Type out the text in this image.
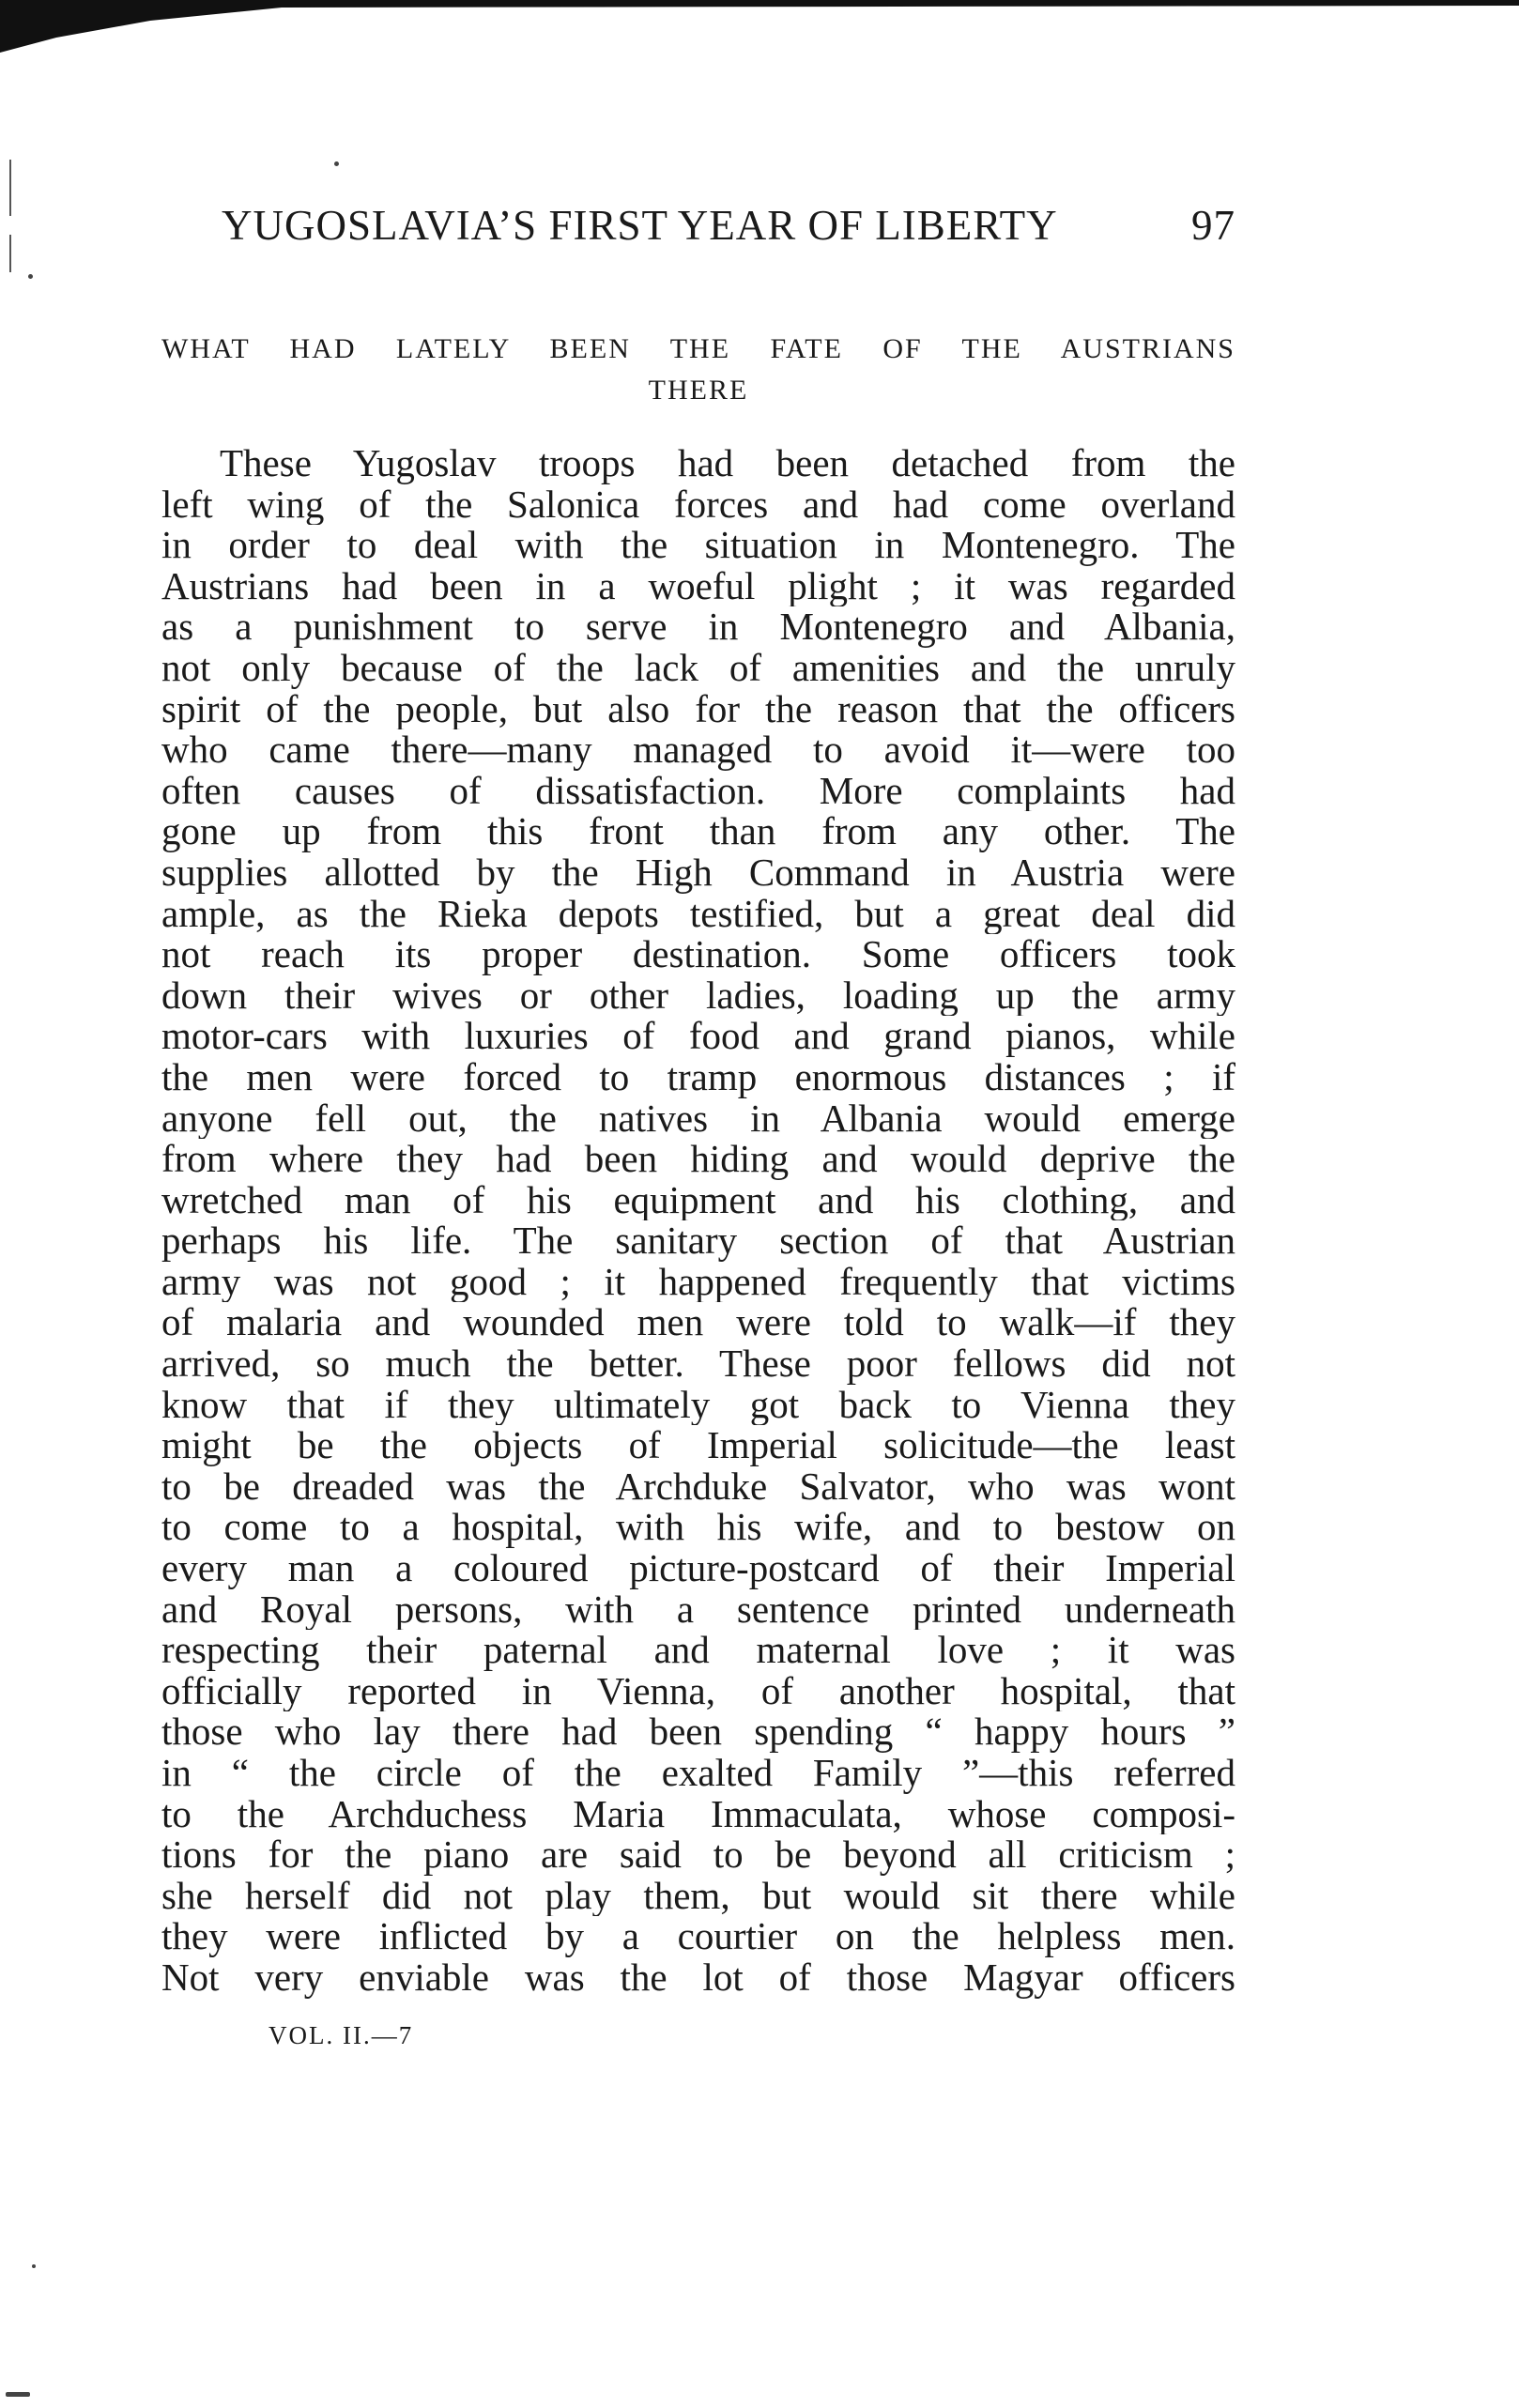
YUGOSLAVIA’S FIRST YEAR OF LIBERTY	97
WHAT HAD LATELY BEEN THE FATE OF THE AUSTRIANS
THERE
These Yugoslav troops had been detached from the
left wing of the Salonica forces and had come overland
in order to deal with the situation in Montenegro. The
Austrians had been in a woeful plight ; it was regarded
as a punishment to serve in Montenegro and Albania,
not only because of the lack of amenities and the unruly
spirit of the people, but also for the reason that the officers
who came there—many managed to avoid it—were too
often causes of dissatisfaction. More complaints had
gone up from this front than from any other. The
supplies allotted by the High Command in Austria were
ample, as the Rieka depots testified, but a great deal did
not reach its proper destination. Some officers took
down their wives or other ladies, loading up the army
motor-cars with luxuries of food and grand pianos, while
the men were forced to tramp enormous distances ; if
anyone fell out, the natives in Albania would emerge
from where they had been hiding and would deprive the
wretched man of his equipment and his clothing, and
perhaps his life. The sanitary section of that Austrian
army was not good ; it happened frequently that victims
of malaria and wounded men were told to walk—if they
arrived, so much the better. These poor fellows did not
know that if they ultimately got back to Vienna they
might be the objects of Imperial solicitude—the least
to be dreaded was the Archduke Salvator, who was wont
to come to a hospital, with his wife, and to bestow on
every man a coloured picture-postcard of their Imperial
and Royal persons, with a sentence printed underneath
respecting their paternal and maternal love ; it was
officially reported in Vienna, of another hospital, that
those who lay there had been spending “ happy hours ”
in “ the circle of the exalted Family ”—this referred
to the Archduchess Maria Immaculata, whose composi-
tions for the piano are said to be beyond all criticism ;
she herself did not play them, but would sit there while
they were inflicted by a courtier on the helpless men.
Not very enviable was the lot of those Magyar officers
VOL. II.—7
